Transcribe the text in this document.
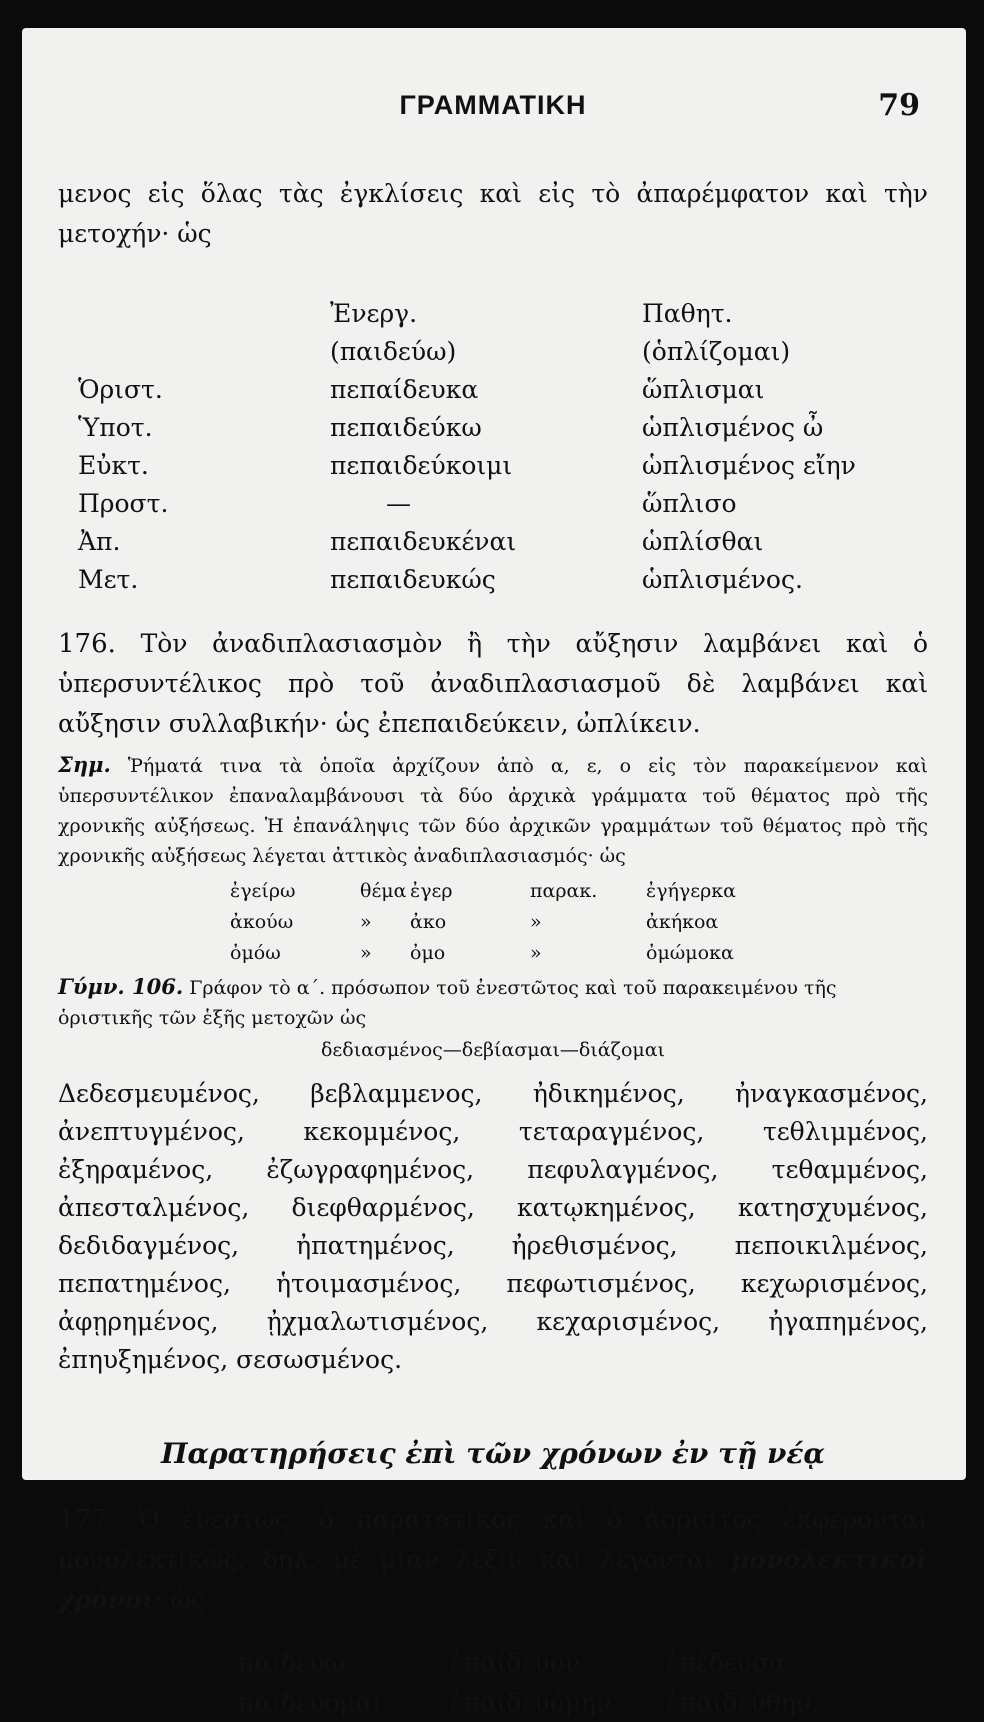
ΓΡΑΜΜΑΤΙΚΗ	79

μενος εἰς ὅλας τὰς ἐγκλίσεις καὶ εἰς τὸ ἀπαρέμφατον καὶ τὴν μετοχήν· ὡς

	Ἐνεργ.	Παθητ.
	(παιδεύω)	(ὁπλίζομαι)
Ὁριστ.	πεπαίδευκα	ὥπλισμαι
Ὑποτ.	πεπαιδεύκω	ὡπλισμένος ὦ
Εὐκτ.	πεπαιδεύκοιμι	ὡπλισμένος εἴην
Προστ.	—	ὥπλισο
Ἀπ.	πεπαιδευκέναι	ὡπλίσθαι
Μετ.	πεπαιδευκώς	ὡπλισμένος.

176. Τὸν ἀναδιπλασιασμὸν ἢ τὴν αὔξησιν λαμβάνει καὶ ὁ ὑπερσυντέλικος πρὸ τοῦ ἀναδιπλασιασμοῦ δὲ λαμβάνει καὶ αὔξησιν συλλαβικήν· ὡς ἐπεπαιδεύκειν, ὠπλίκειν.

Σημ. Ῥήματά τινα τὰ ὁποῖα ἀρχίζουν ἀπὸ α, ε, ο εἰς τὸν παρακείμενον καὶ ὑπερσυντέλικον ἐπαναλαμβάνουσι τὰ δύο ἀρχικὰ γράμματα τοῦ θέματος πρὸ τῆς χρονικῆς αὐξήσεως. Ἡ ἐπανάληψις τῶν δύο ἀρχικῶν γραμμάτων τοῦ θέματος πρὸ τῆς χρονικῆς αὐξήσεως λέγεται ἀττικὸς ἀναδιπλασιασμός· ὡς

ἐγείρω	θέμα	ἐγερ	παρακ.	ἐγήγερκα
ἀκούω	»	ἀκο	»	ἀκήκοα
ὀμόω	»	ὀμο	»	ὀμώμοκα

Γύμν. 106. Γράφον τὸ α΄. πρόσωπον τοῦ ἐνεστῶτος καὶ τοῦ παρακειμένου τῆς ὁριστικῆς τῶν ἑξῆς μετοχῶν ὡς

δεδιασμένος—δεβίασμαι—διάζομαι

Δεδεσμευμένος, βεβλαμμενος, ἠδικημένος, ἠναγκασμένος, ἀνεπτυγμένος, κεκομμένος, τεταραγμένος, τεθλιμμένος, ἐξηραμένος, ἐζωγραφημένος, πεφυλαγμένος, τεθαμμένος, ἀπεσταλμένος, διεφθαρμένος, κατῳκημένος, κατησχυμένος, δεδιδαγμένος, ἠπατημένος, ἠρεθισμένος, πεποικιλμένος, πεπατημένος, ἡτοιμασμένος, πεφωτισμένος, κεχωρισμένος, ἀφῃρημένος, ᾐχμαλωτισμένος, κεχαρισμένος, ἠγαπημένος, ἐπηυξημένος, σεσωσμένος.

Παρατηρήσεις ἐπὶ τῶν χρόνων ἐν τῇ νέᾳ

177. Ὁ ἐνεστώς, ὁ παρατατικὸς καὶ ὁ ἀόριστος ἐκφέρονται μονολεκτικῶς, δηλ. μὲ μίαν λέξιν καὶ λέγονται μονολεκτικοὶ χρόνοι· ὡς

παιδεύω	ἐπαίδευον	ἐπέδευσα
παιδεύομαι	ἐπαιδευόμην	ἐπαιδεύθην.
